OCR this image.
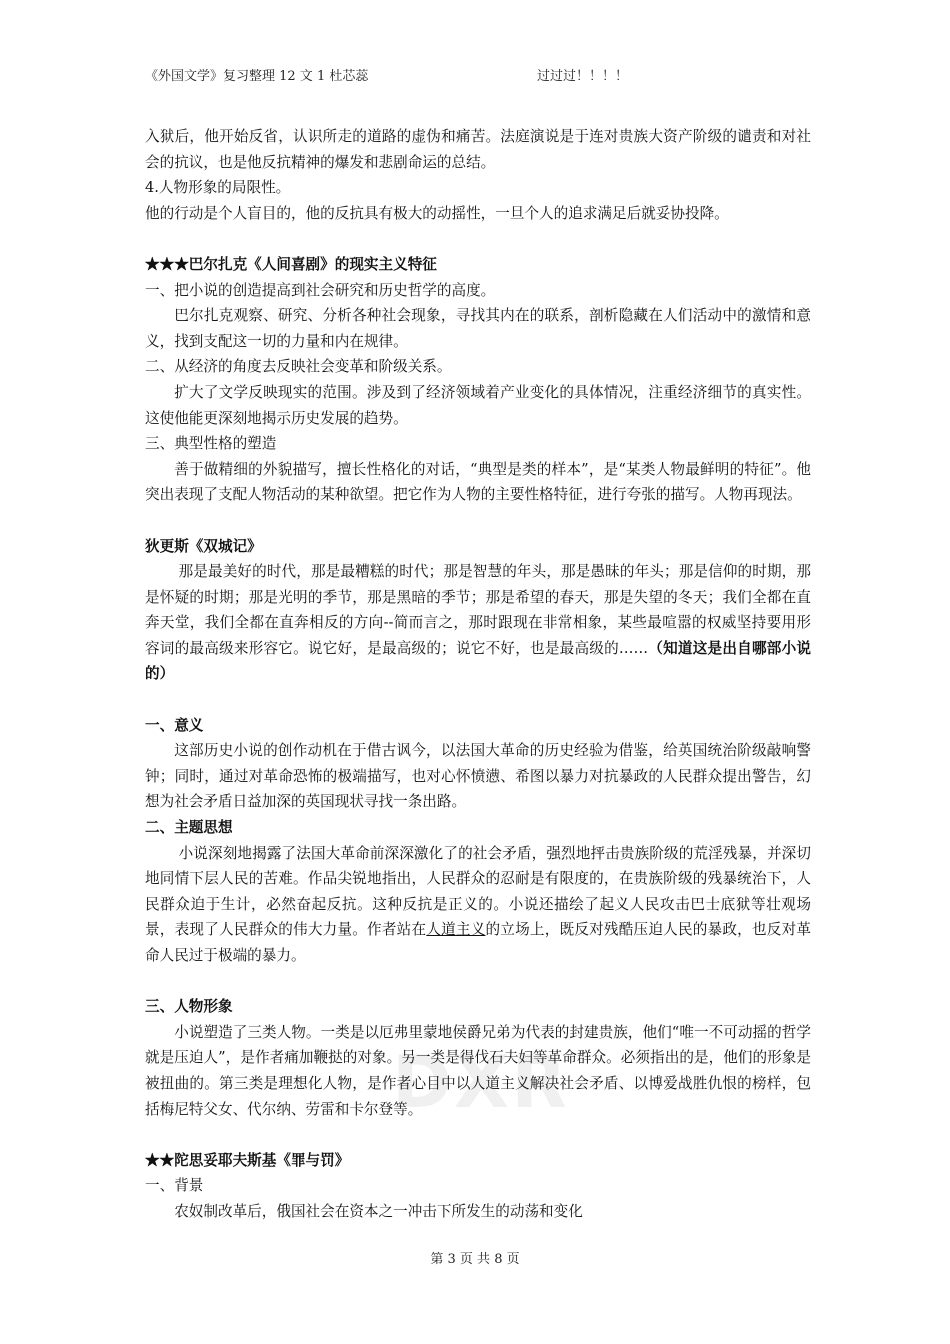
《外国文学》复习整理 12 文 1 杜芯蕊	过过过！！！！
DXR

入狱后，他开始反省，认识所走的道路的虚伪和痛苦。法庭演说是于连对贵族大资产阶级的谴责和对社会的抗议，也是他反抗精神的爆发和悲剧命运的总结。

4.人物形象的局限性。

他的行动是个人盲目的，他的反抗具有极大的动摇性，一旦个人的追求满足后就妥协投降。

★★★巴尔扎克《人间喜剧》的现实主义特征

一、把小说的创造提高到社会研究和历史哲学的高度。

巴尔扎克观察、研究、分析各种社会现象，寻找其内在的联系，剖析隐藏在人们活动中的激情和意义，找到支配这一切的力量和内在规律。

二、从经济的角度去反映社会变革和阶级关系。

扩大了文学反映现实的范围。涉及到了经济领域着产业变化的具体情况，注重经济细节的真实性。这使他能更深刻地揭示历史发展的趋势。

三、典型性格的塑造

善于做精细的外貌描写，擅长性格化的对话，“典型是类的样本”，是“某类人物最鲜明的特征”。他突出表现了支配人物活动的某种欲望。把它作为人物的主要性格特征，进行夸张的描写。人物再现法。

狄更斯《双城记》

那是最美好的时代，那是最糟糕的时代；那是智慧的年头，那是愚昧的年头；那是信仰的时期，那是怀疑的时期；那是光明的季节，那是黑暗的季节；那是希望的春天，那是失望的冬天；我们全都在直奔天堂，我们全都在直奔相反的方向--简而言之，那时跟现在非常相象，某些最喧嚣的权威坚持要用形容词的最高级来形容它。说它好，是最高级的；说它不好，也是最高级的……（知道这是出自哪部小说的）

一、意义

这部历史小说的创作动机在于借古讽今，以法国大革命的历史经验为借鉴，给英国统治阶级敲响警钟；同时，通过对革命恐怖的极端描写，也对心怀愤懑、希图以暴力对抗暴政的人民群众提出警告，幻想为社会矛盾日益加深的英国现状寻找一条出路。

二、主题思想

小说深刻地揭露了法国大革命前深深激化了的社会矛盾，强烈地抨击贵族阶级的荒淫残暴，并深切地同情下层人民的苦难。作品尖锐地指出，人民群众的忍耐是有限度的，在贵族阶级的残暴统治下，人民群众迫于生计，必然奋起反抗。这种反抗是正义的。小说还描绘了起义人民攻击巴士底狱等壮观场景，表现了人民群众的伟大力量。作者站在人道主义的立场上，既反对残酷压迫人民的暴政，也反对革命人民过于极端的暴力。

三、人物形象

小说塑造了三类人物。一类是以厄弗里蒙地侯爵兄弟为代表的封建贵族，他们“唯一不可动摇的哲学就是压迫人”，是作者痛加鞭挞的对象。另一类是得伐石夫妇等革命群众。必须指出的是，他们的形象是被扭曲的。第三类是理想化人物，是作者心目中以人道主义解决社会矛盾、以博爱战胜仇恨的榜样，包括梅尼特父女、代尔纳、劳雷和卡尔登等。

★★陀思妥耶夫斯基《罪与罚》

一、背景

农奴制改革后，俄国社会在资本之一冲击下所发生的动荡和变化

第 3 页 共 8 页
